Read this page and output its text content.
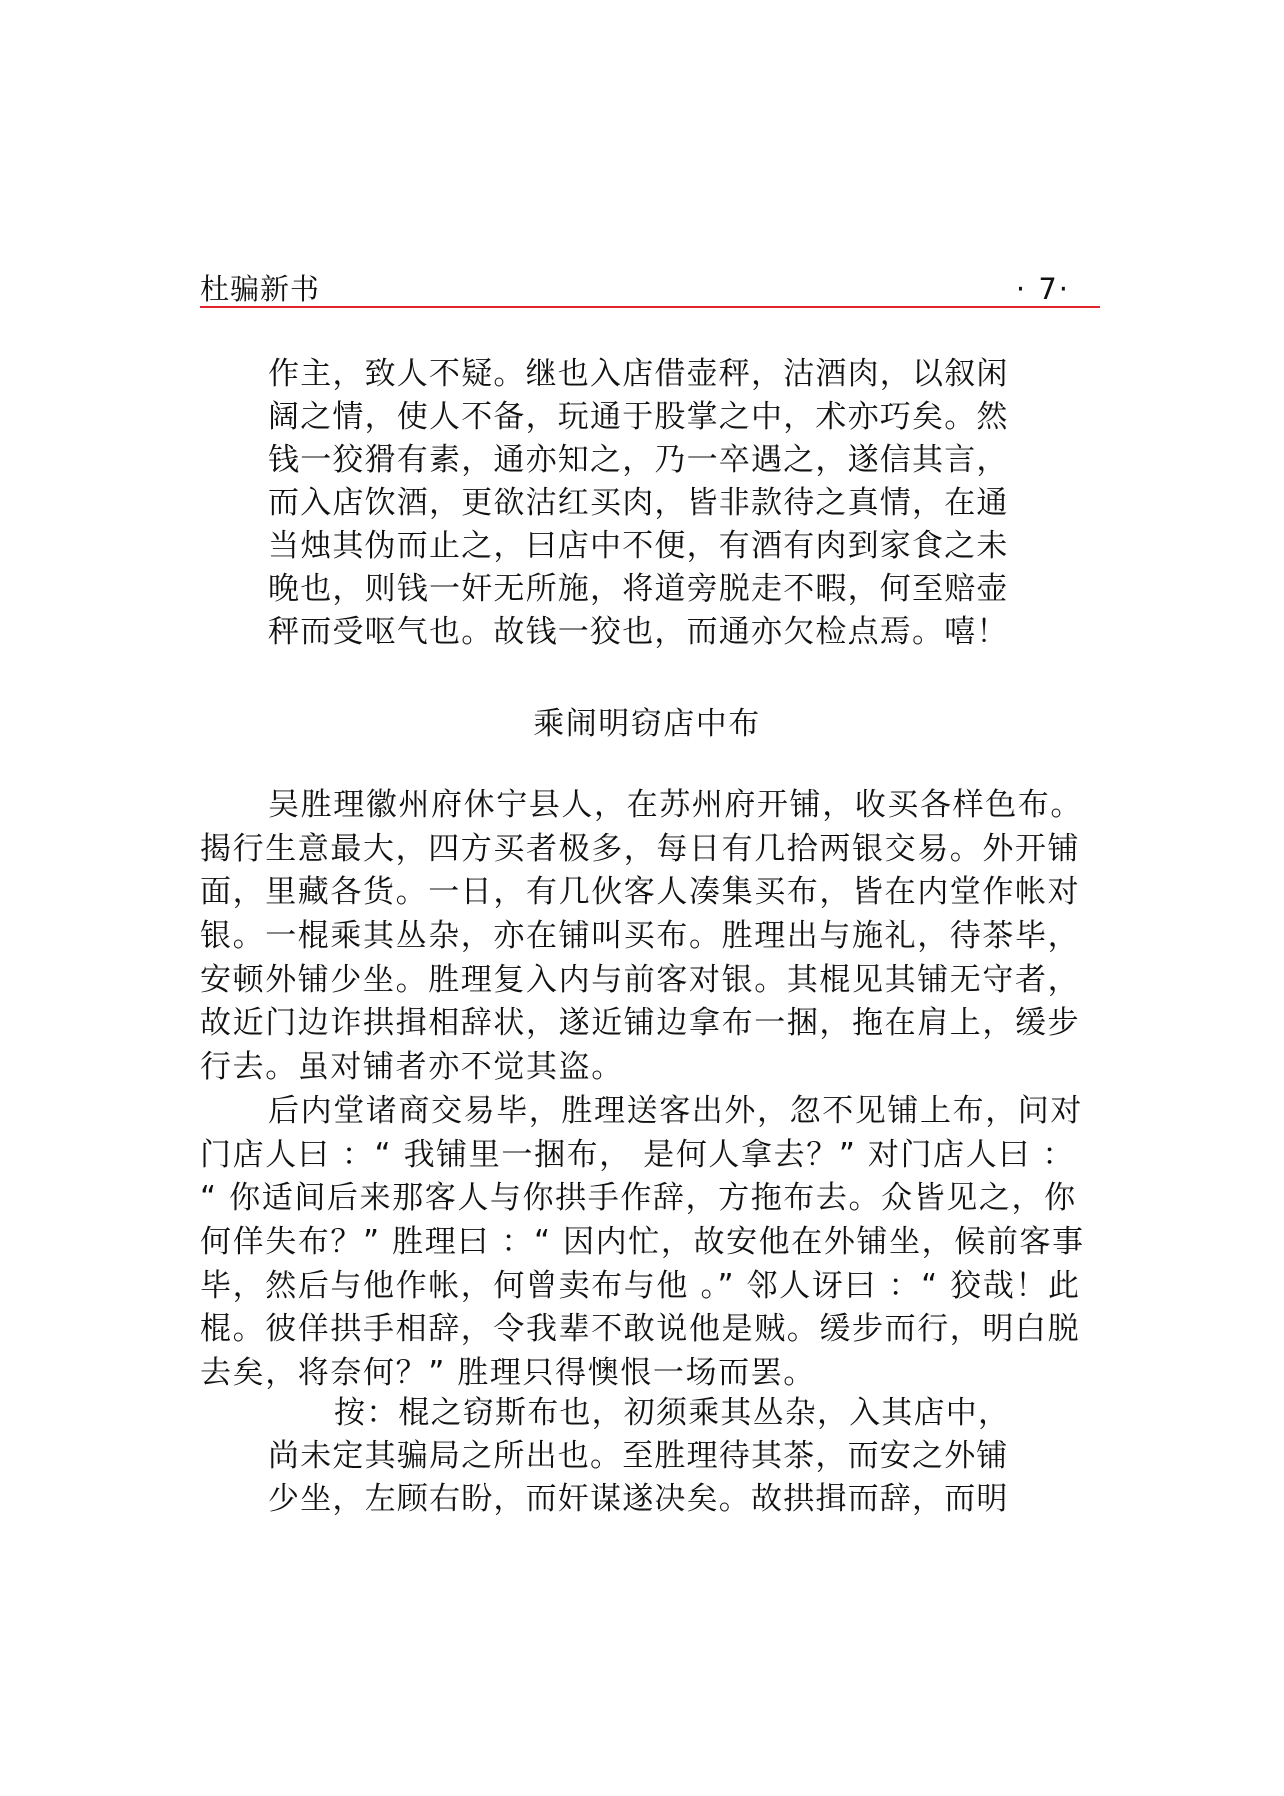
杜骗新书	· 7·
作主，致人不疑。继也入店借壶秤，沽酒肉，以叙闲
阔之情，使人不备，玩通于股掌之中，术亦巧矣。然
钱一狡猾有素，通亦知之，乃一卒遇之，遂信其言，
而入店饮酒，更欲沽红买肉，皆非款待之真情，在通
当烛其伪而止之，曰店中不便，有酒有肉到家食之未
晚也，则钱一奸无所施，将道旁脱走不暇，何至赔壶
秤而受呕气也。故钱一狡也，而通亦欠检点焉。嘻！
乘闹明窃店中布
吴胜理徽州府休宁县人，在苏州府开铺，收买各样色布。
揭行生意最大，四方买者极多，每日有几拾两银交易。外开铺
面，里藏各货。一日，有几伙客人凑集买布，皆在内堂作帐对
银。一棍乘其丛杂，亦在铺叫买布。胜理出与施礼，待茶毕，
安顿外铺少坐。胜理复入内与前客对银。其棍见其铺无守者，
故近门边诈拱揖相辞状，遂近铺边拿布一捆，拖在肩上，缓步
行去。虽对铺者亦不觉其盗。
后内堂诸商交易毕，胜理送客出外，忽不见铺上布，问对
门店人曰 ：“ 我铺里一捆布， 是何人拿去？” 对门店人曰 ：
“ 你适间后来那客人与你拱手作辞，方拖布去。众皆见之，你
何佯失布？” 胜理曰 ：“ 因内忙，故安他在外铺坐，候前客事
毕，然后与他作帐，何曾卖布与他 。” 邻人讶曰 ：“ 狡哉！此
棍。彼佯拱手相辞，令我辈不敢说他是贼。缓步而行，明白脱
去矣，将奈何？” 胜理只得懊恨一场而罢。
按：棍之窃斯布也，初须乘其丛杂，入其店中，
尚未定其骗局之所出也。至胜理待其茶，而安之外铺
少坐，左顾右盼，而奸谋遂决矣。故拱揖而辞，而明
